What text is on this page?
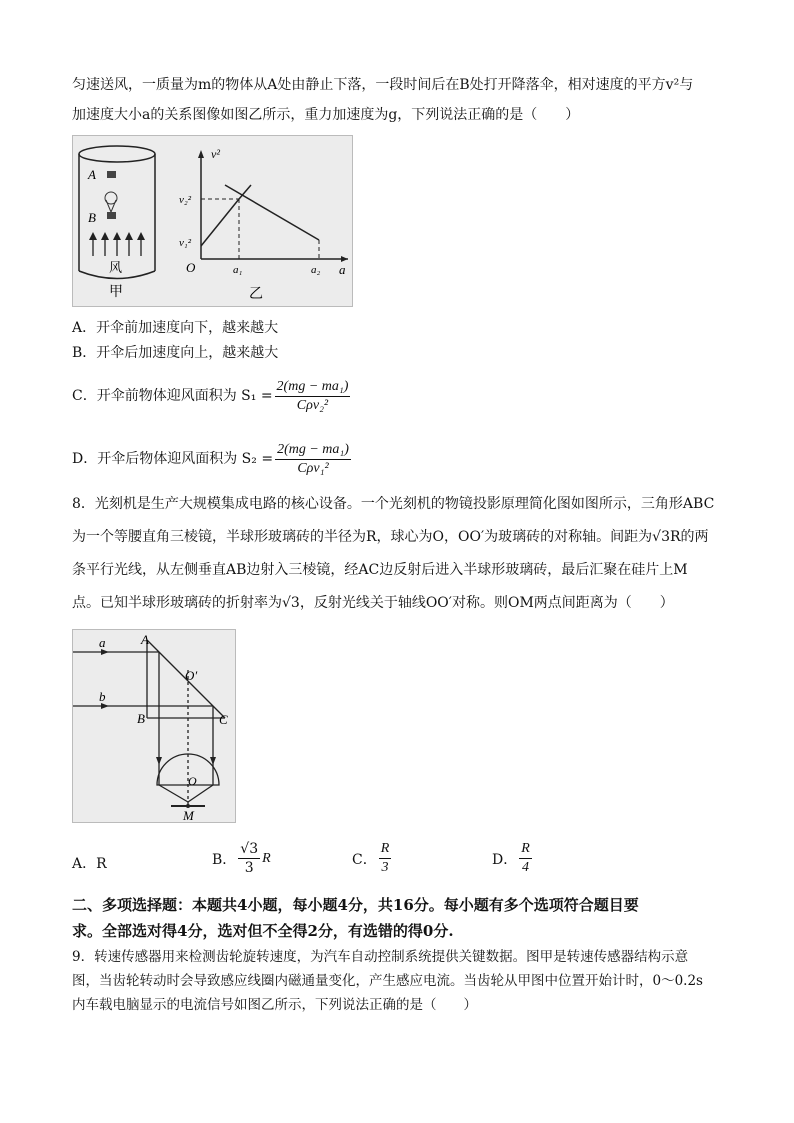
匀速送风，一质量为m的物体从A处由静止下落，一段时间后在B处打开降落伞，相对速度的平方v²与
加速度大小a的关系图像如图乙所示，重力加速度为g，下列说法正确的是（　　）
A
B
风
甲
v²
a
O
v₂²
v₁²
a₁	a₂
乙
A．开伞前加速度向下，越来越大
B．开伞后加速度向上，越来越大
C．开伞前物体迎风面积为 $S_1 = \frac{\text{2(mg − ma₁)}}{\text{Cρv₂²}}$
D．开伞后物体迎风面积为 $S_2 = \frac{\text{2(mg − ma₁)}}{\text{Cρv₁²}}$
8．光刻机是生产大规模集成电路的核心设备。一个光刻机的物镜投影原理简化图如图所示，三角形ABC
为一个等腰直角三棱镜，半球形玻璃砖的半径为R，球心为O，OO′为玻璃砖的对称轴。间距为√3R的两
条平行光线，从左侧垂直AB边射入三棱镜，经AC边反射后进入半球形玻璃砖，最后汇聚在硅片上M
点。已知半球形玻璃砖的折射率为√3，反射光线关于轴线OO′对称。则OM两点间距离为（　　）
a
b
A
B	C
O′
O
M
A．R	B． $\frac{√3}{3}$ R	C． $\frac{R}{3}$	D． $\frac{R}{4}$
二、多项选择题：本题共4小题，每小题4分，共16分。每小题有多个选项符合题目要
求。全部选对得4分，选对但不全得2分，有选错的得0分.
9．转速传感器用来检测齿轮旋转速度，为汽车自动控制系统提供关键数据。图甲是转速传感器结构示意
图，当齿轮转动时会导致感应线圈内磁通量变化，产生感应电流。当齿轮从甲图中位置开始计时，0～0.2s
内车载电脑显示的电流信号如图乙所示，下列说法正确的是（　　）
